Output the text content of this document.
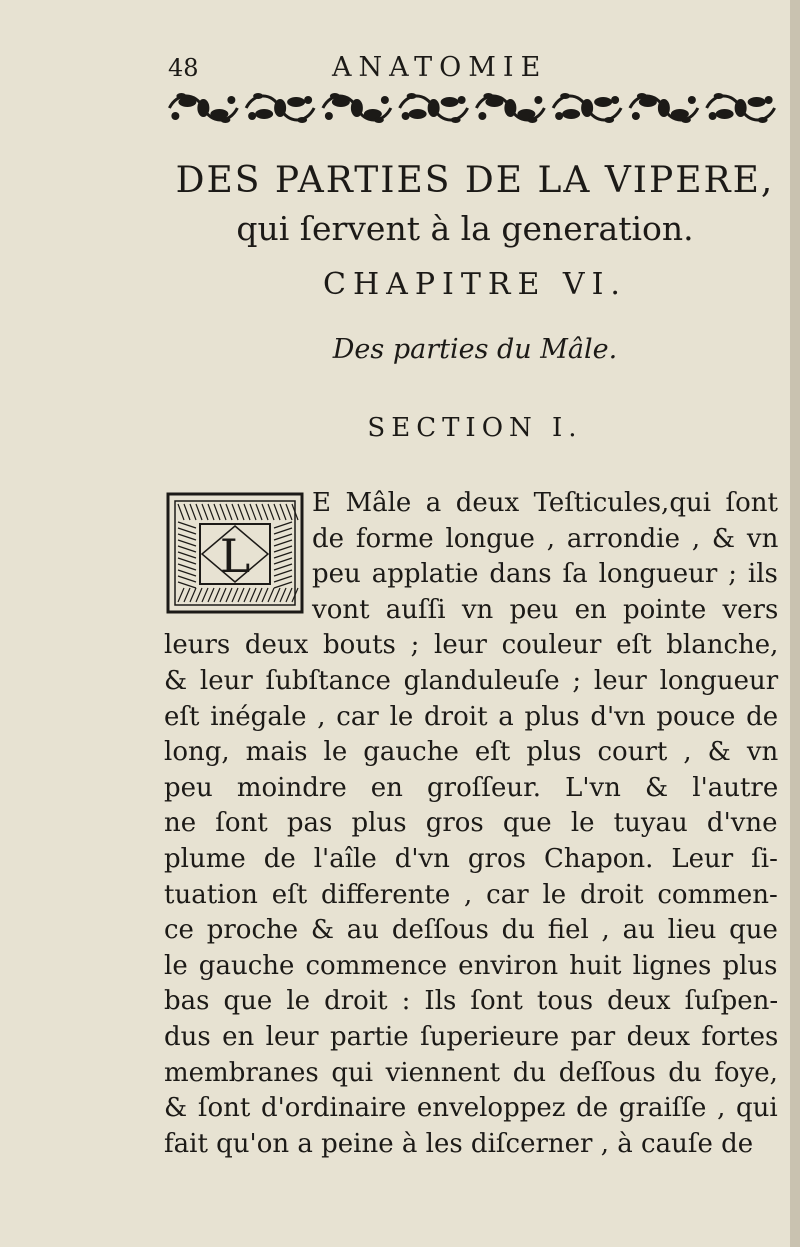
48	ANATOMIE
DES PARTIES DE LA VIPERE,
qui ſervent à la generation.
CHAPITRE VI.
Des parties du Mâle.
SECTION I.
L
E Mâle a deux Teſticules,qui ſont
de forme longue , arrondie , & vn
peu applatie dans ſa longueur ; ils
vont auſſi vn peu en pointe vers
leurs deux bouts ; leur couleur eſt blanche,
& leur ſubſtance glanduleuſe ; leur longueur
eſt inégale , car le droit a plus d'vn pouce de
long, mais le gauche eſt plus court , & vn
peu moindre en groſſeur. L'vn & l'autre
ne ſont pas plus gros que le tuyau d'vne
plume de l'aîle d'vn gros Chapon. Leur ſi-
tuation eſt differente , car le droit commen-
ce proche & au deſſous du fiel , au lieu que
le gauche commence environ huit lignes plus
bas que le droit : Ils ſont tous deux ſuſpen-
dus en leur partie ſuperieure par deux fortes
membranes qui viennent du deſſous du foye,
& ſont d'ordinaire enveloppez de graiſſe , qui
fait qu'on a peine à les diſcerner , à cauſe de
